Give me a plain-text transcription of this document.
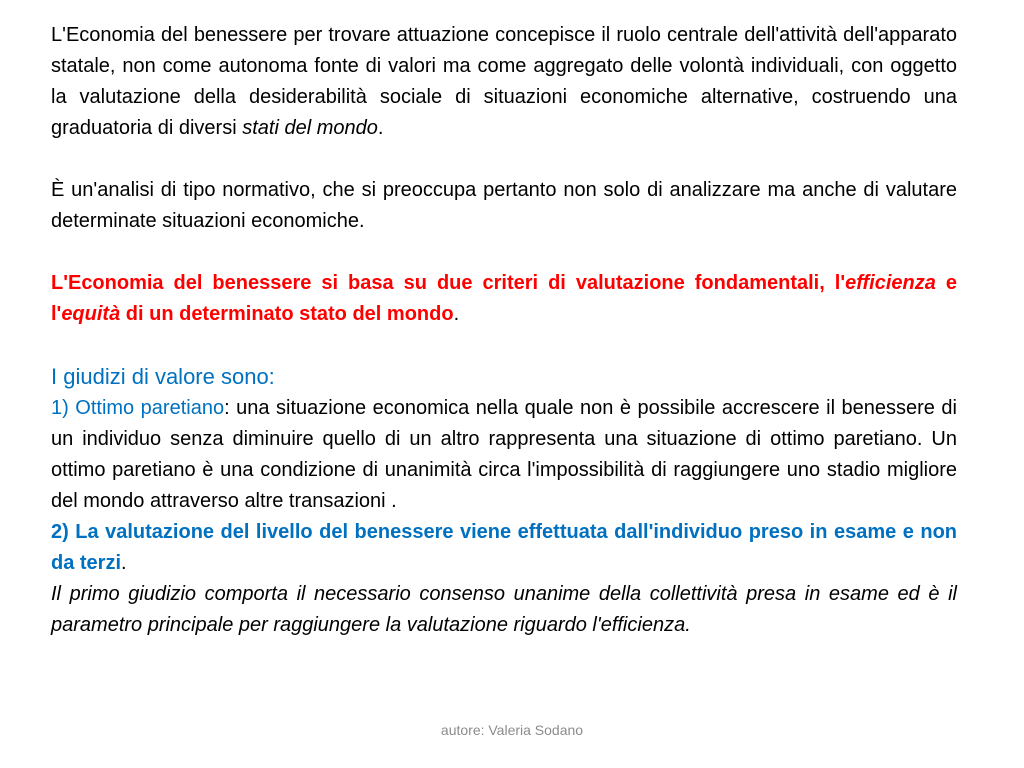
L'Economia del benessere per trovare attuazione concepisce il ruolo centrale dell'attività dell'apparato statale, non come autonoma fonte di valori ma come aggregato delle volontà individuali, con oggetto la valutazione della desiderabilità sociale di situazioni economiche alternative, costruendo una graduatoria di diversi stati del mondo.

È un'analisi di tipo normativo, che si preoccupa pertanto non solo di analizzare ma anche di valutare determinate situazioni economiche.

L'Economia del benessere si basa su due criteri di valutazione fondamentali, l'efficienza e l'equità di un determinato stato del mondo.

I giudizi di valore sono:

1) Ottimo paretiano: una situazione economica nella quale non è possibile accrescere il benessere di un individuo senza diminuire quello di un altro rappresenta una situazione di ottimo paretiano. Un ottimo paretiano è una condizione di unanimità circa l'impossibilità di raggiungere uno stadio migliore del mondo attraverso altre transazioni .

2) La valutazione del livello del benessere viene effettuata dall'individuo preso in esame e non da terzi.

Il primo giudizio comporta il necessario consenso unanime della collettività presa in esame ed è il parametro principale per raggiungere la valutazione riguardo l'efficienza.

autore: Valeria Sodano
